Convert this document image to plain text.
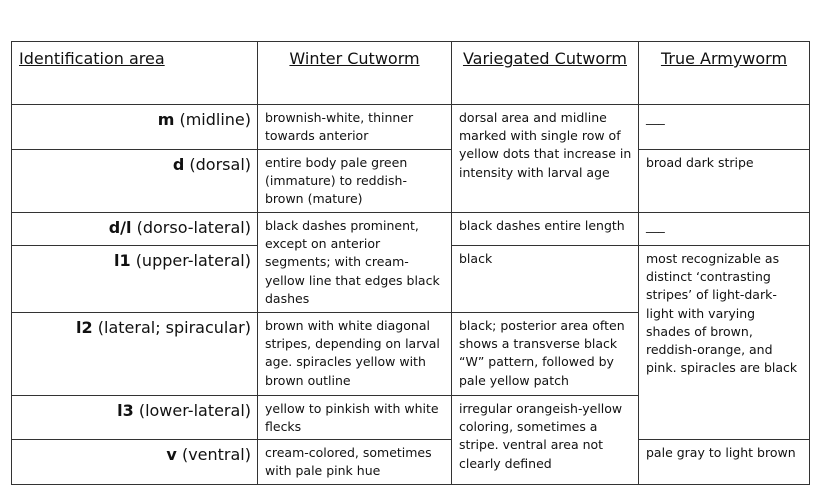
Identification area	Winter Cutworm	Variegated Cutworm	True Armyworm
m (midline)	brownish-white, thinner towards anterior	dorsal area and midline marked with single row of yellow dots that increase in intensity with larval age	___
d (dorsal)	entire body pale green (immature) to reddish-brown (mature)		broad dark stripe
d/l (dorso-lateral)	black dashes prominent, except on anterior segments; with cream-yellow line that edges black dashes	black dashes entire length	___
l1 (upper-lateral)		black	most recognizable as distinct ‘contrasting stripes’ of light-dark-light with varying shades of brown, reddish-orange, and pink. spiracles are black
l2 (lateral; spiracular)	brown with white diagonal stripes, depending on larval age. spiracles yellow with brown outline	black; posterior area often shows a transverse black “W” pattern, followed by pale yellow patch	
l3 (lower-lateral)	yellow to pinkish with white flecks	irregular orangeish-yellow coloring, sometimes a stripe. ventral area not clearly defined	
v (ventral)	cream-colored, sometimes with pale pink hue		pale gray to light brown
